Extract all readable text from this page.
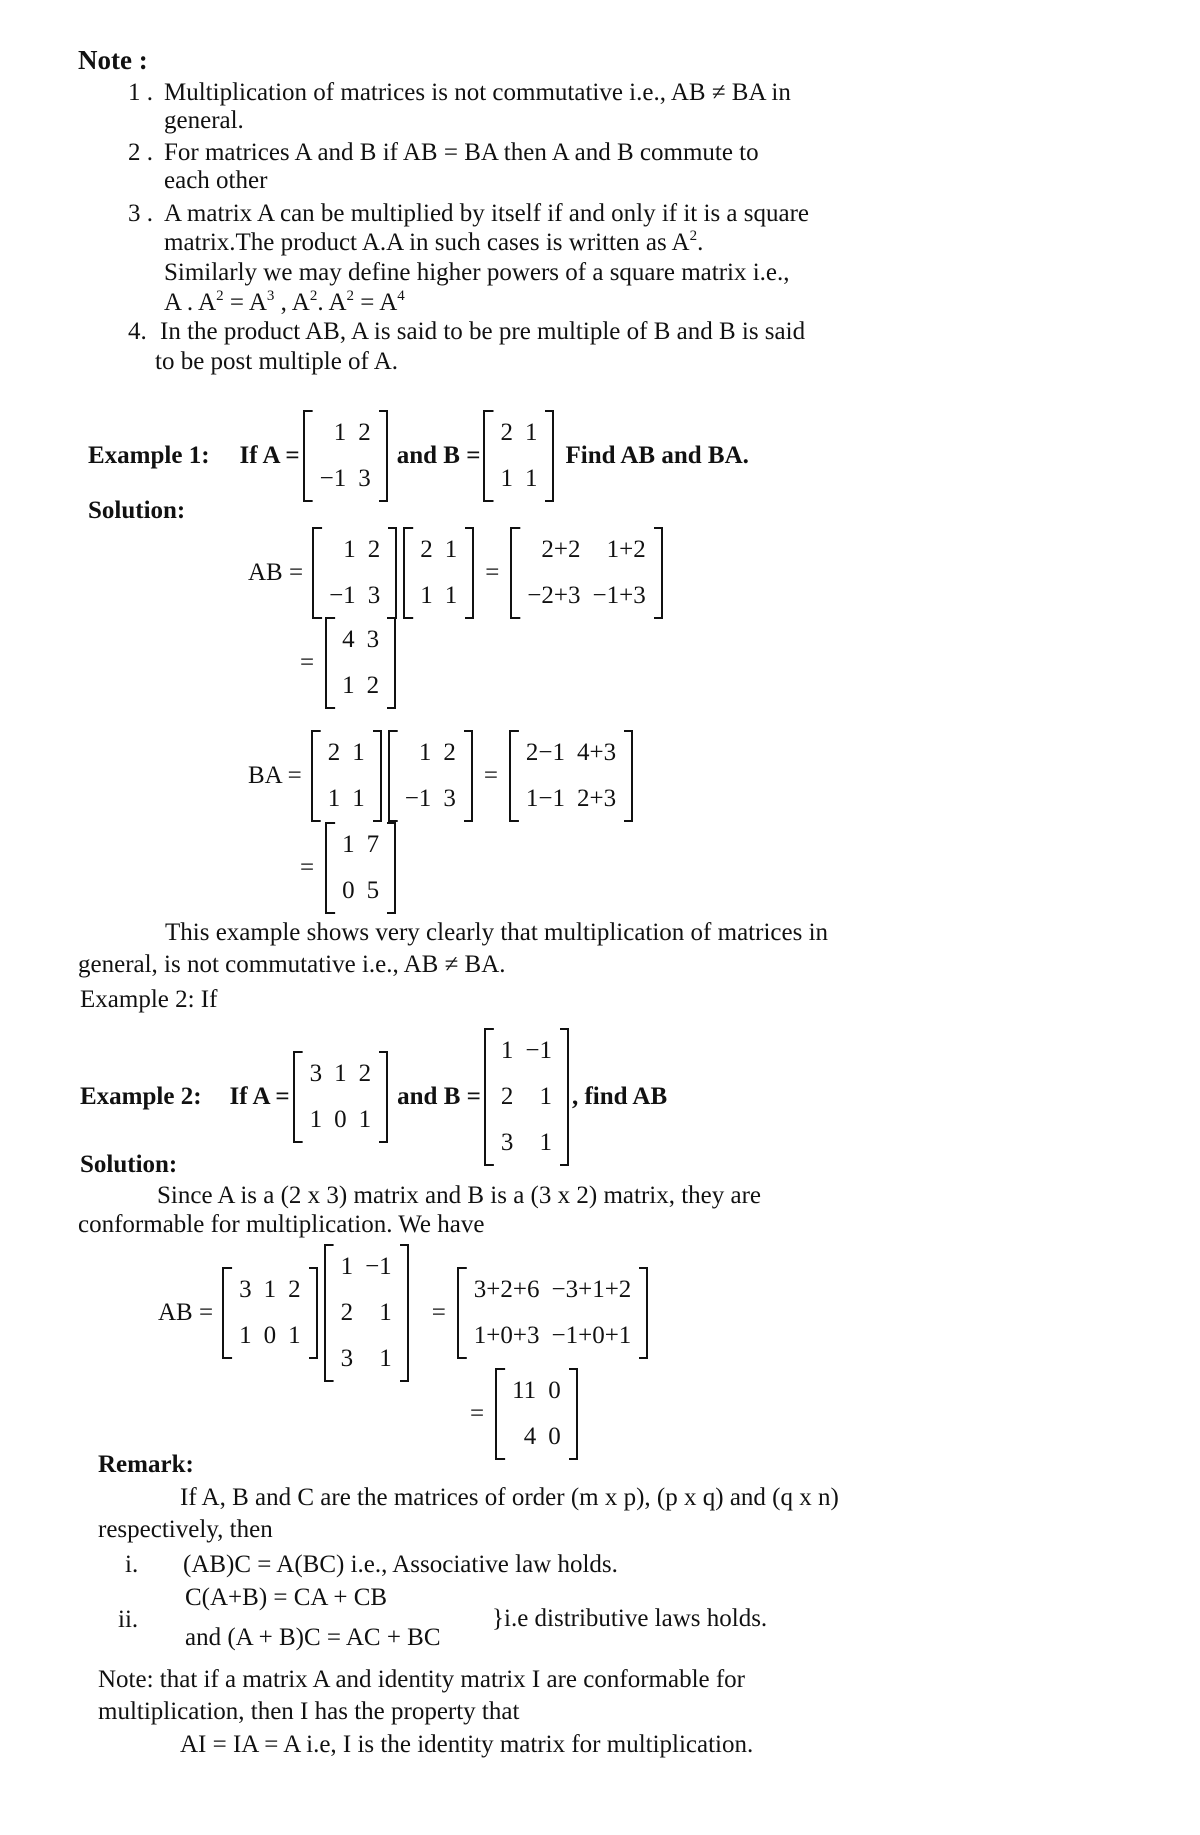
Note :
1 . Multiplication of matrices is not commutative i.e., AB ≠ BA in
general.
2 . For matrices A and B if AB = BA then A and B commute to
each other
3 . A matrix A can be multiplied by itself if and only if it is a square
matrix.The product A.A in such cases is written as $A^2$.
Similarly we may define higher powers of a square matrix i.e.,
A . $A^2 = A^3$ , $A^2$. $A^2 = A^4$
4. In the product AB, A is said to be pre multiple of B and B is said
to be post multiple of A.
Example 1: If A =
1 2
−1 3
and B =
2 1
1 1
Find AB and BA.
Solution:
AB =
1 2
−1 3
2 1
1 1
=
2+2	1+2
−2+3 −1+3
=
4 3
1 2
BA =
2 1
1 1
1 2
−1 3
=
2−1 4+3
1−1 2+3
=
1 7
0 5
This example shows very clearly that multiplication of matrices in
general, is not commutative i.e., AB ≠ BA.
Example 2: If
Example 2: If A =
3 1 2
1 0 1
and B =
1 −1
2	1
3	1
, find AB
Solution:
Since A is a (2 x 3) matrix and B is a (3 x 2) matrix, they are
conformable for multiplication. We have
AB =
3 1 2
1 0 1
1 −1
2	1
3	1
=
3+2+6 −3+1+2
1+0+3 −1+0+1
=
11 0
4 0
Remark:
If A, B and C are the matrices of order (m x p), (p x q) and (q x n)
respectively, then
i. (AB)C = A(BC) i.e., Associative law holds.
ii.
C(A+B) = CA + CB
and (A + B)C = AC + BC
}i.e distributive laws holds.
Note: that if a matrix A and identity matrix I are conformable for
multiplication, then I has the property that
AI = IA = A i.e, I is the identity matrix for multiplication.
